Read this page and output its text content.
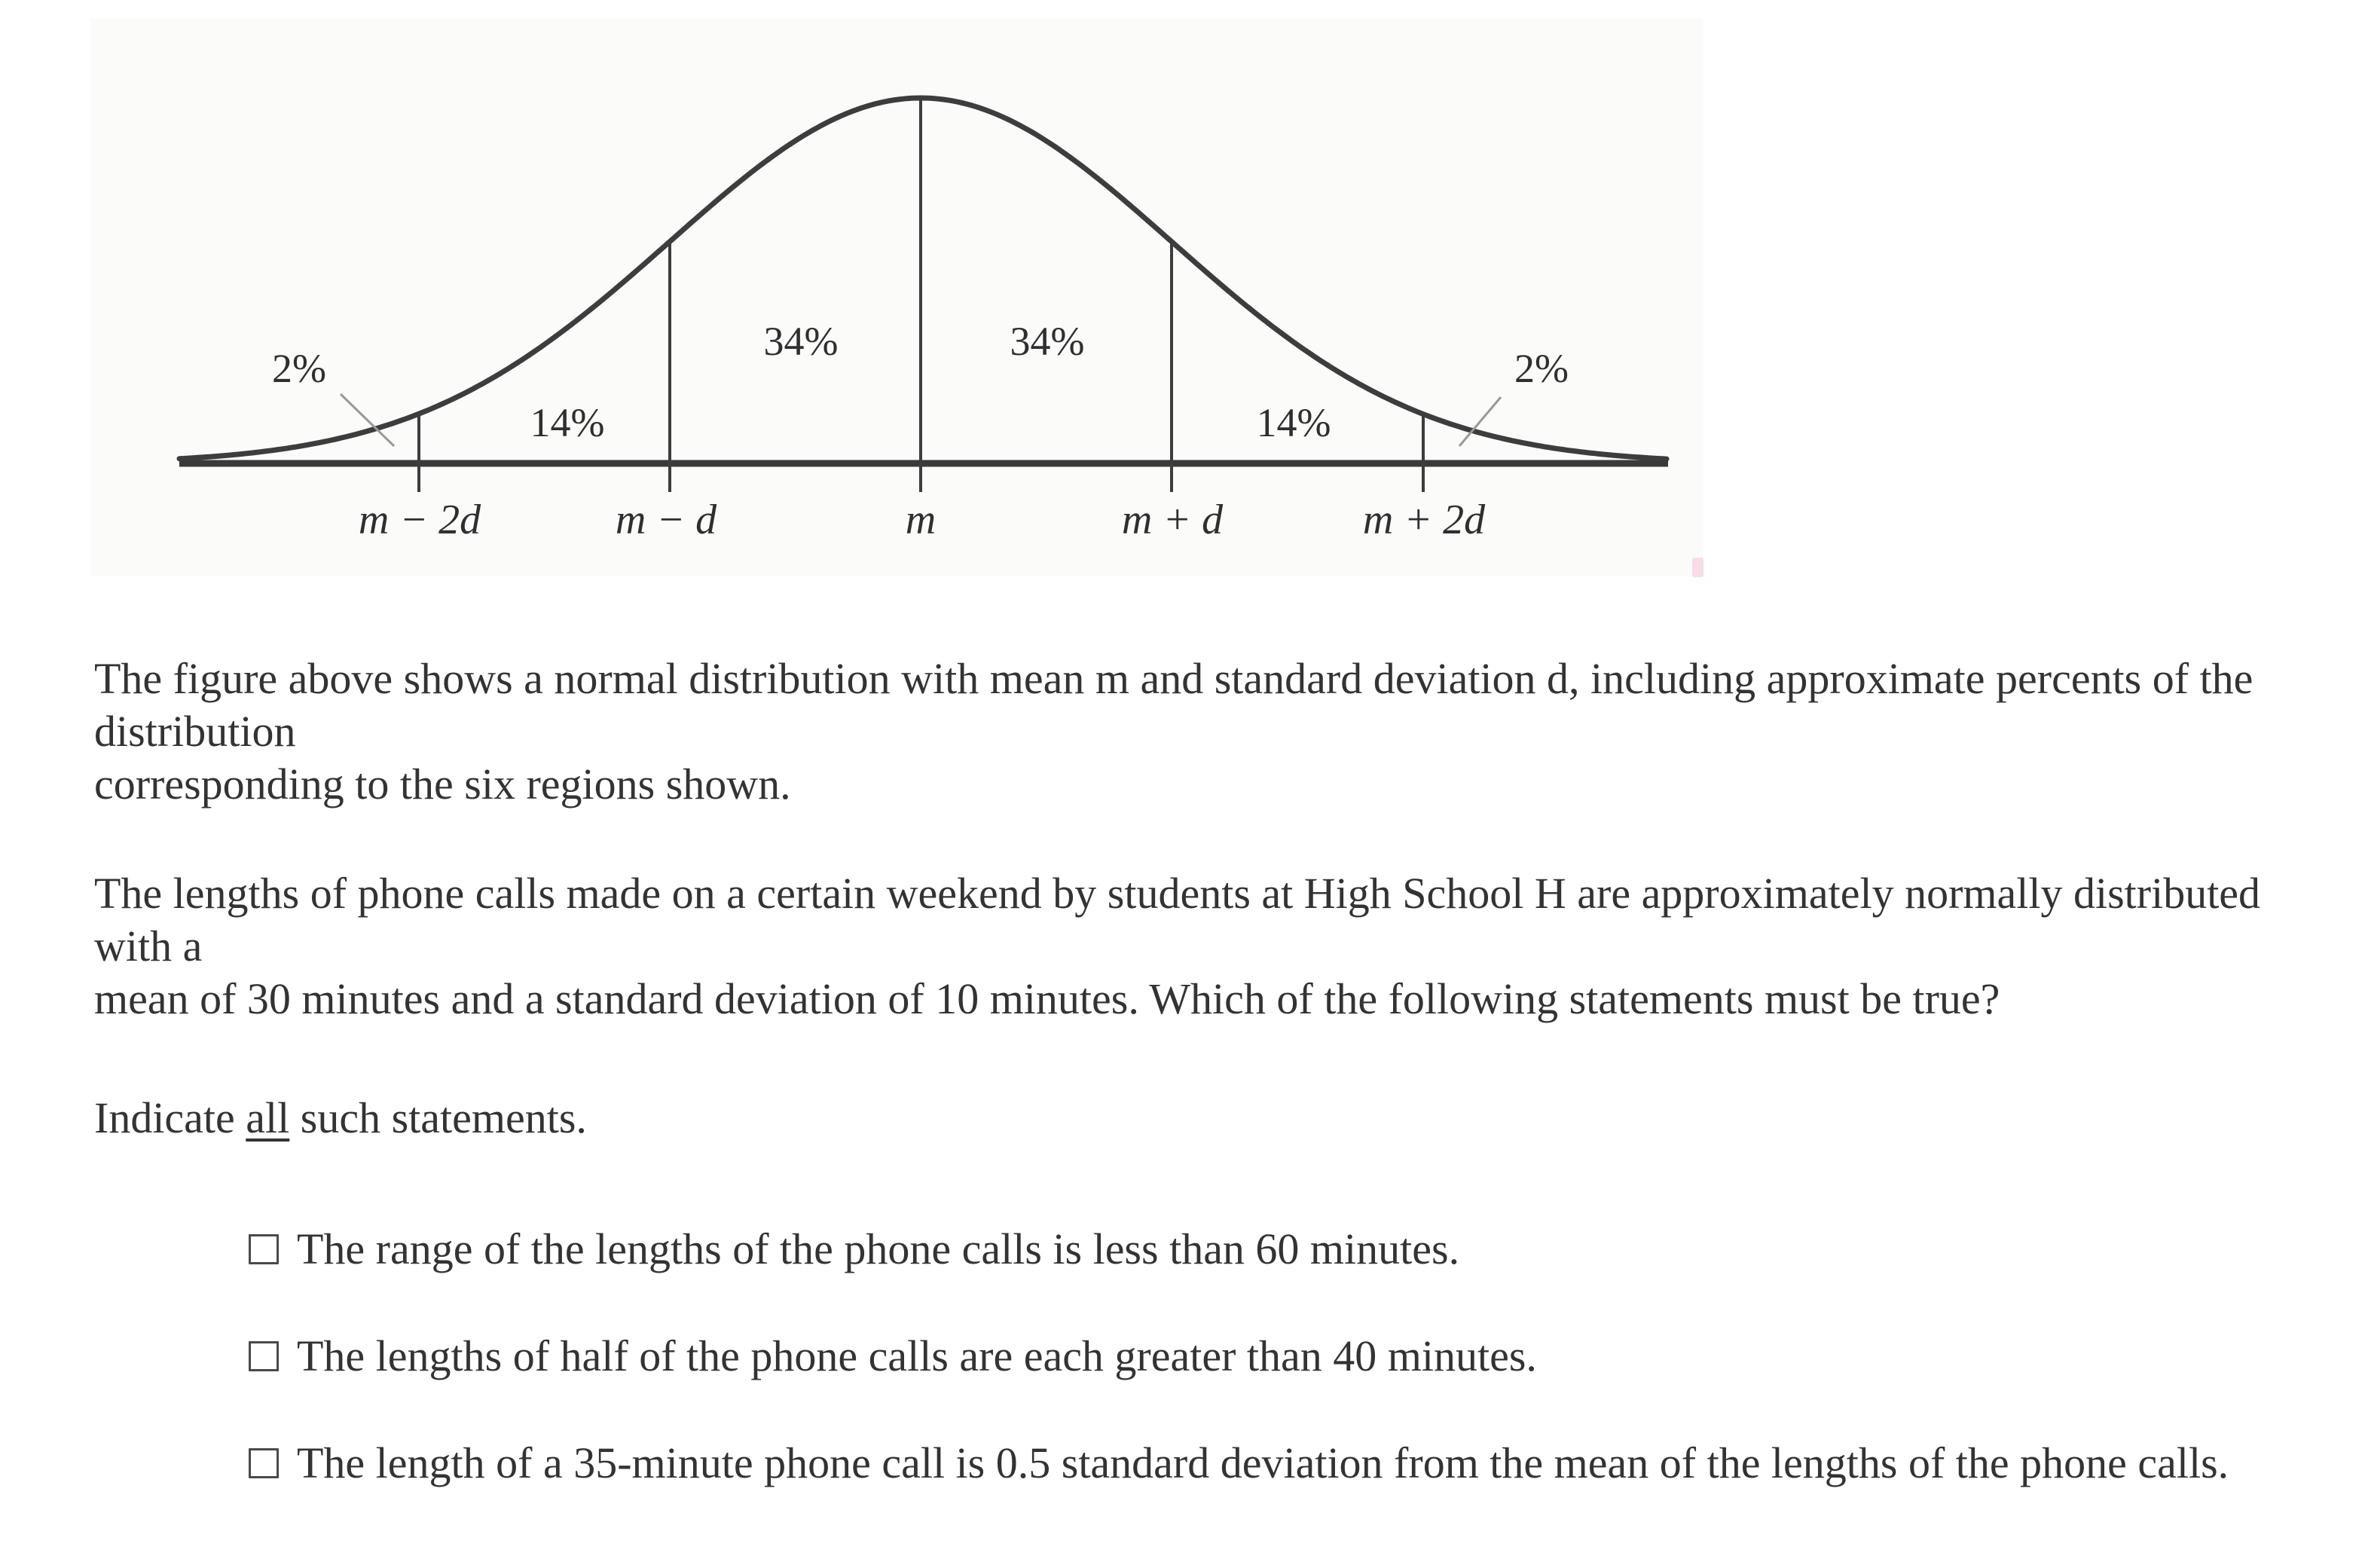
2%
14%
34%	34%
14%
2%
m − 2d	m − d	m	m + d	m + 2d

The figure above shows a normal distribution with mean m and standard deviation d, including approximate percents of the distribution
corresponding to the six regions shown.

The lengths of phone calls made on a certain weekend by students at High School H are approximately normally distributed with a
mean of 30 minutes and a standard deviation of 10 minutes. Which of the following statements must be true?

Indicate all such statements.

The range of the lengths of the phone calls is less than 60 minutes.
The lengths of half of the phone calls are each greater than 40 minutes.
The length of a 35-minute phone call is 0.5 standard deviation from the mean of the lengths of the phone calls.
